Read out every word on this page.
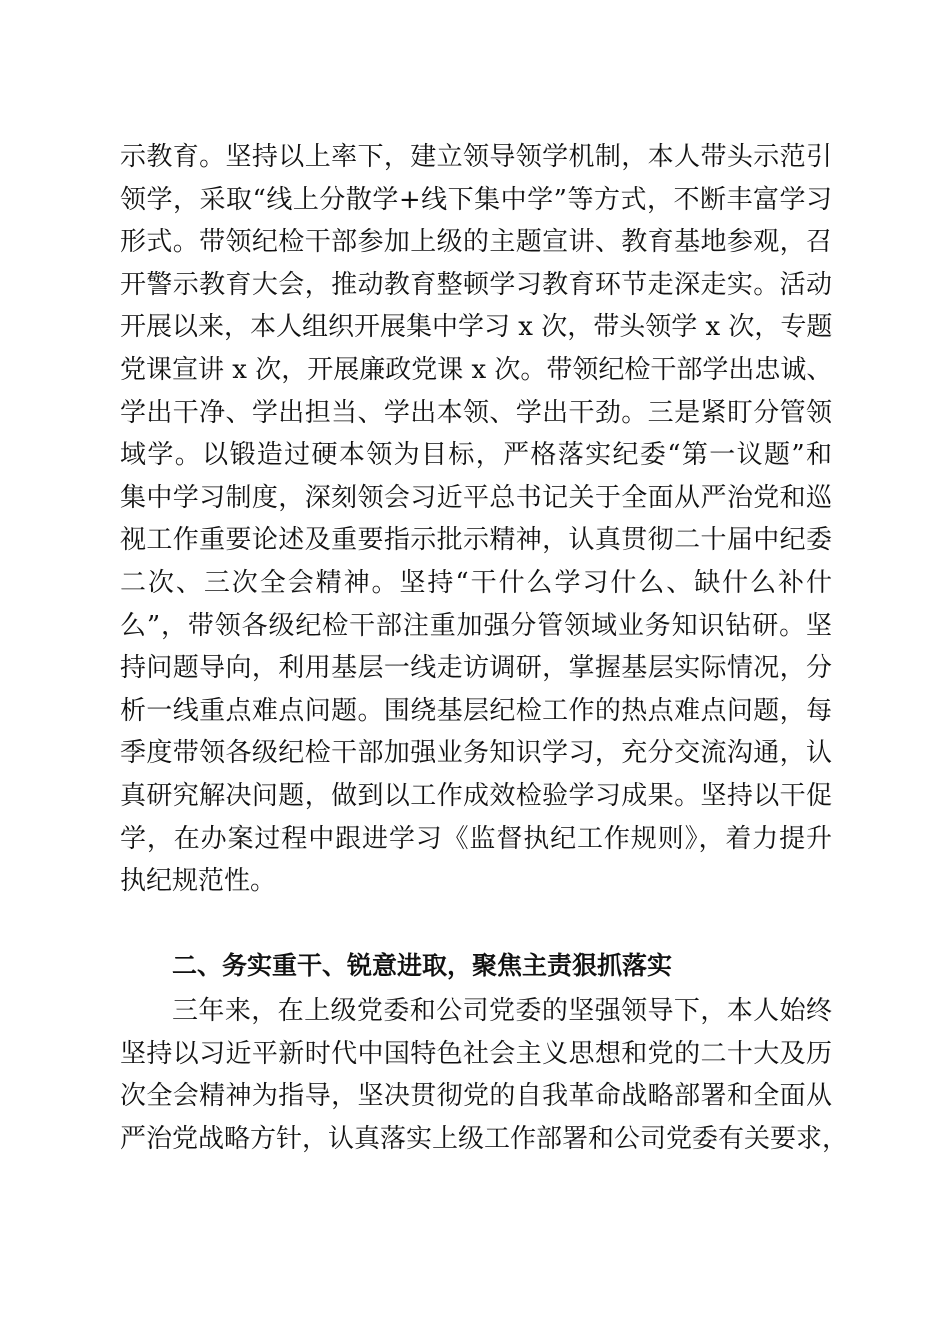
示教育。坚持以上率下，建立领导领学机制，本人带头示范引
领学，采取“线上分散学+线下集中学”等方式，不断丰富学习
形式。带领纪检干部参加上级的主题宣讲、教育基地参观，召
开警示教育大会，推动教育整顿学习教育环节走深走实。活动
开展以来，本人组织开展集中学习 x 次，带头领学 x 次，专题
党课宣讲 x 次，开展廉政党课 x 次。带领纪检干部学出忠诚、
学出干净、学出担当、学出本领、学出干劲。三是紧盯分管领
域学。以锻造过硬本领为目标，严格落实纪委“第一议题”和
集中学习制度，深刻领会习近平总书记关于全面从严治党和巡
视工作重要论述及重要指示批示精神，认真贯彻二十届中纪委
二次、三次全会精神。坚持“干什么学习什么、缺什么补什
么”，带领各级纪检干部注重加强分管领域业务知识钻研。坚
持问题导向，利用基层一线走访调研，掌握基层实际情况，分
析一线重点难点问题。围绕基层纪检工作的热点难点问题，每
季度带领各级纪检干部加强业务知识学习，充分交流沟通，认
真研究解决问题，做到以工作成效检验学习成果。坚持以干促
学，在办案过程中跟进学习《监督执纪工作规则》，着力提升
执纪规范性。
二、务实重干、锐意进取，聚焦主责狠抓落实
三年来，在上级党委和公司党委的坚强领导下，本人始终
坚持以习近平新时代中国特色社会主义思想和党的二十大及历
次全会精神为指导，坚决贯彻党的自我革命战略部署和全面从
严治党战略方针，认真落实上级工作部署和公司党委有关要求，
